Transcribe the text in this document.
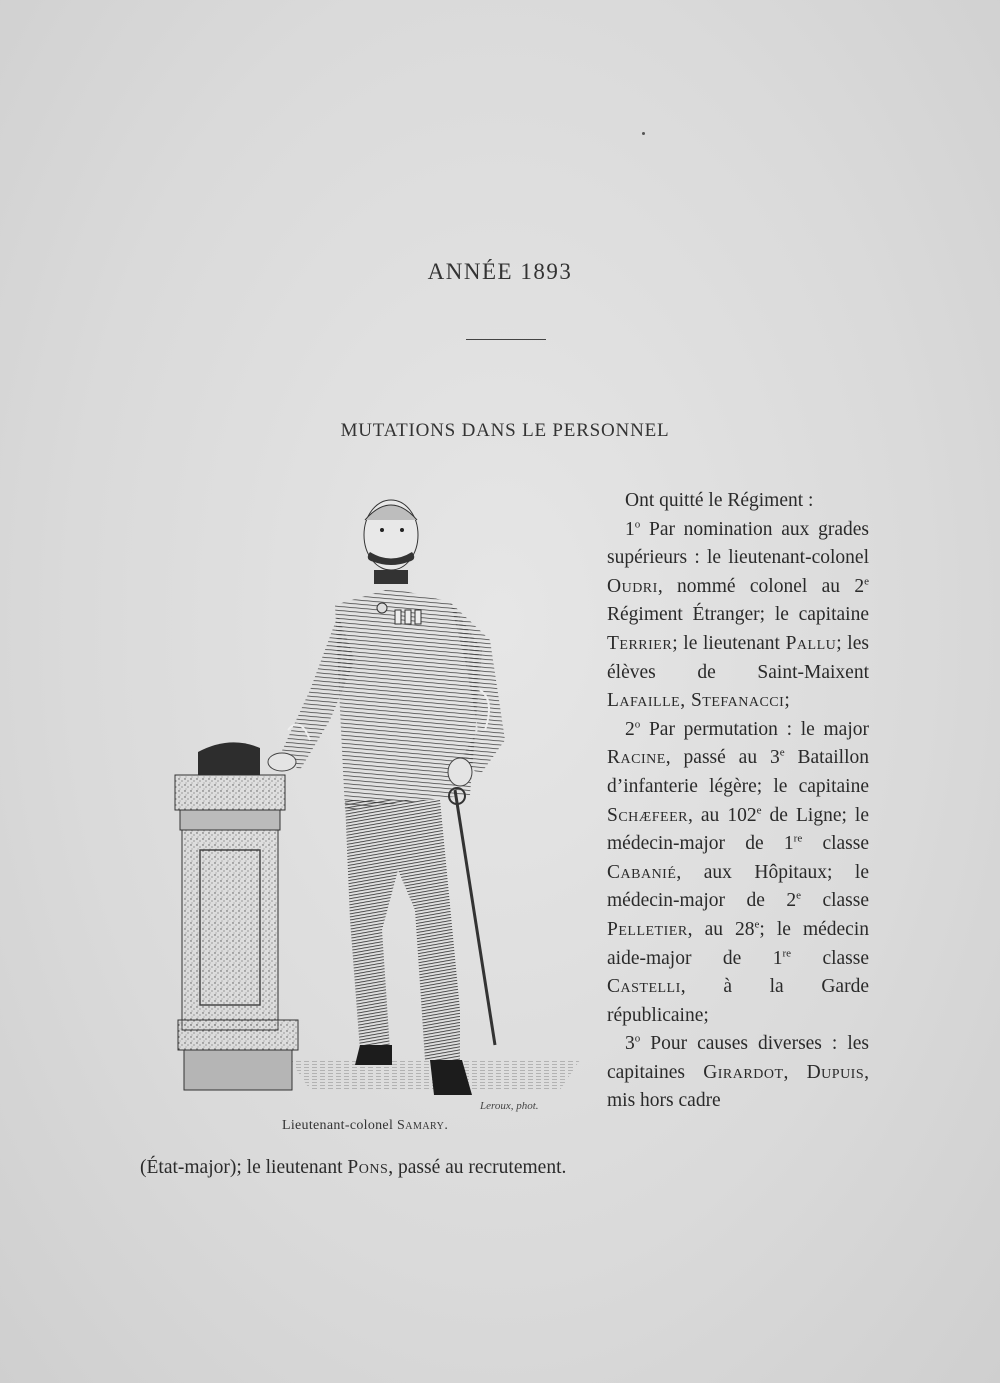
ANNÉE 1893
MUTATIONS DANS LE PERSONNEL
Leroux, phot.
Lieutenant-colonel Samary.

Ont quitté le Régiment :

1$^o$ Par nomination aux grades supérieurs : le lieutenant-colonel Oudri, nommé colonel au 2e Régiment Étranger; le capitaine Terrier; le lieutenant Pallu; les élèves de Saint-Maixent Lafaille, Stefanacci;

2$^o$ Par permutation : le major Racine, passé au 3e Bataillon d’infanterie légère; le capitaine Schæfeer, au 102e de Ligne; le médecin-major de 1re classe Cabanié, aux Hôpitaux; le médecin-major de 2e classe Pelletier, au 28e; le médecin aide-major de 1re classe Castelli, à la Garde républicaine;

3$^o$ Pour causes diverses : les capitaines Girardot, Dupuis, mis hors cadre

(État-major); le lieutenant Pons, passé au recrutement.
